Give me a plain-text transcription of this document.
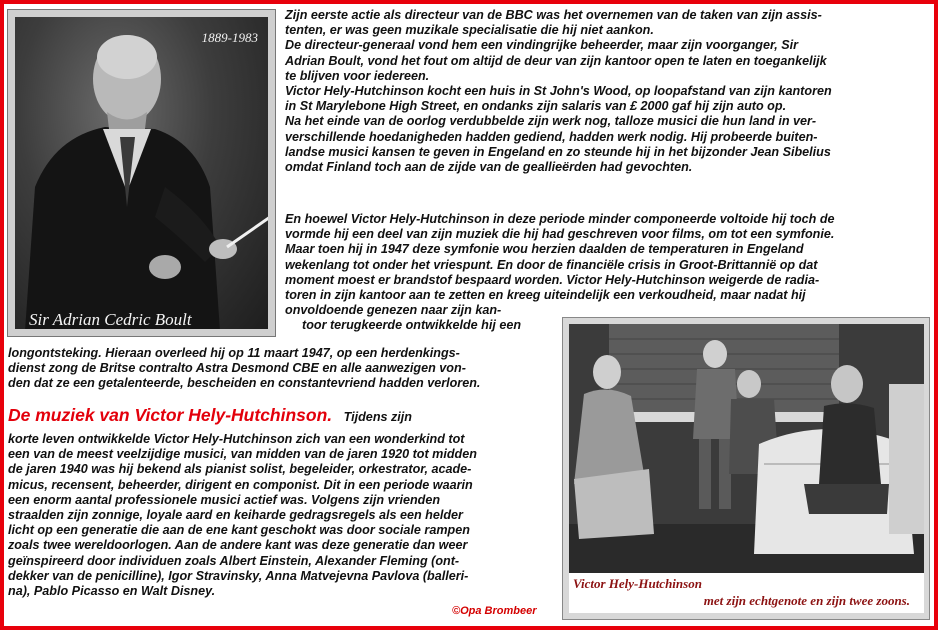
1889-1983
Sir Adrian Cedric Boult
Zijn eerste actie als directeur van de BBC was het overnemen van de taken van zijn assis-
tenten, er was geen muzikale specialisatie die hij niet aankon.
De directeur-generaal vond hem een vindingrijke beheerder, maar zijn voorganger, Sir
Adrian Boult, vond het fout om altijd de deur van zijn kantoor open te laten en toegankelijk
te blijven voor iedereen.
Victor Hely-Hutchinson kocht een huis in St John's Wood, op loopafstand van zijn kantoren
in St Marylebone High Street, en ondanks zijn salaris van £ 2000 gaf hij zijn auto op.
Na het einde van de oorlog verdubbelde zijn werk nog, talloze musici die hun land in ver-
verschillende hoedanigheden hadden gediend, hadden werk nodig. Hij probeerde buiten-
landse musici kansen te geven in Engeland en zo steunde hij in het bijzonder Jean Sibelius
omdat Finland toch aan de zijde van de geallieërden had gevochten.
En hoewel Victor Hely-Hutchinson in deze periode minder componeerde voltoide hij toch de
vormde hij een deel van zijn muziek die hij had geschreven voor films, om tot een symfonie.
Maar toen hij in 1947 deze symfonie wou herzien daalden de temperaturen in Engeland
wekenlang tot onder het vriespunt. En door de financiële crisis in Groot-Brittannië op dat
moment moest er brandstof bespaard worden. Victor Hely-Hutchinson weigerde de radia-
toren in zijn kantoor aan te zetten en kreeg uiteindelijk een verkoudheid, maar nadat hij
onvoldoende genezen naar zijn kan-
toor terugkeerde ontwikkelde hij een
longontsteking. Hieraan overleed hij op 11 maart 1947, op een herdenkings-
dienst zong de Britse contralto Astra Desmond CBE en alle aanwezigen von-
den dat ze een getalenteerde, bescheiden en constantevriend hadden verloren.
De muziek van Victor Hely-Hutchinson. Tijdens zijn
korte leven ontwikkelde Victor Hely-Hutchinson zich van een wonderkind tot
een van de meest veelzijdige musici, van midden van de jaren 1920 tot midden
de jaren 1940 was hij bekend als pianist solist, begeleider, orkestrator, acade-
micus, recensent, beheerder, dirigent en componist. Dit in een periode waarin
een enorm aantal professionele musici actief was. Volgens zijn vrienden
straalden zijn zonnige, loyale aard en keiharde gedragsregels als een helder
licht op een generatie die aan de ene kant geschokt was door sociale rampen
zoals twee wereldoorlogen. Aan de andere kant was deze generatie dan weer
geïnspireerd door individuen zoals Albert Einstein, Alexander Fleming (ont-
dekker van de penicilline), Igor Stravinsky, Anna Matvejevna Pavlova (balleri-
na), Pablo Picasso en Walt Disney.
©Opa Brombeer
Victor Hely-Hutchinson
met zijn echtgenote en zijn twee zoons.
